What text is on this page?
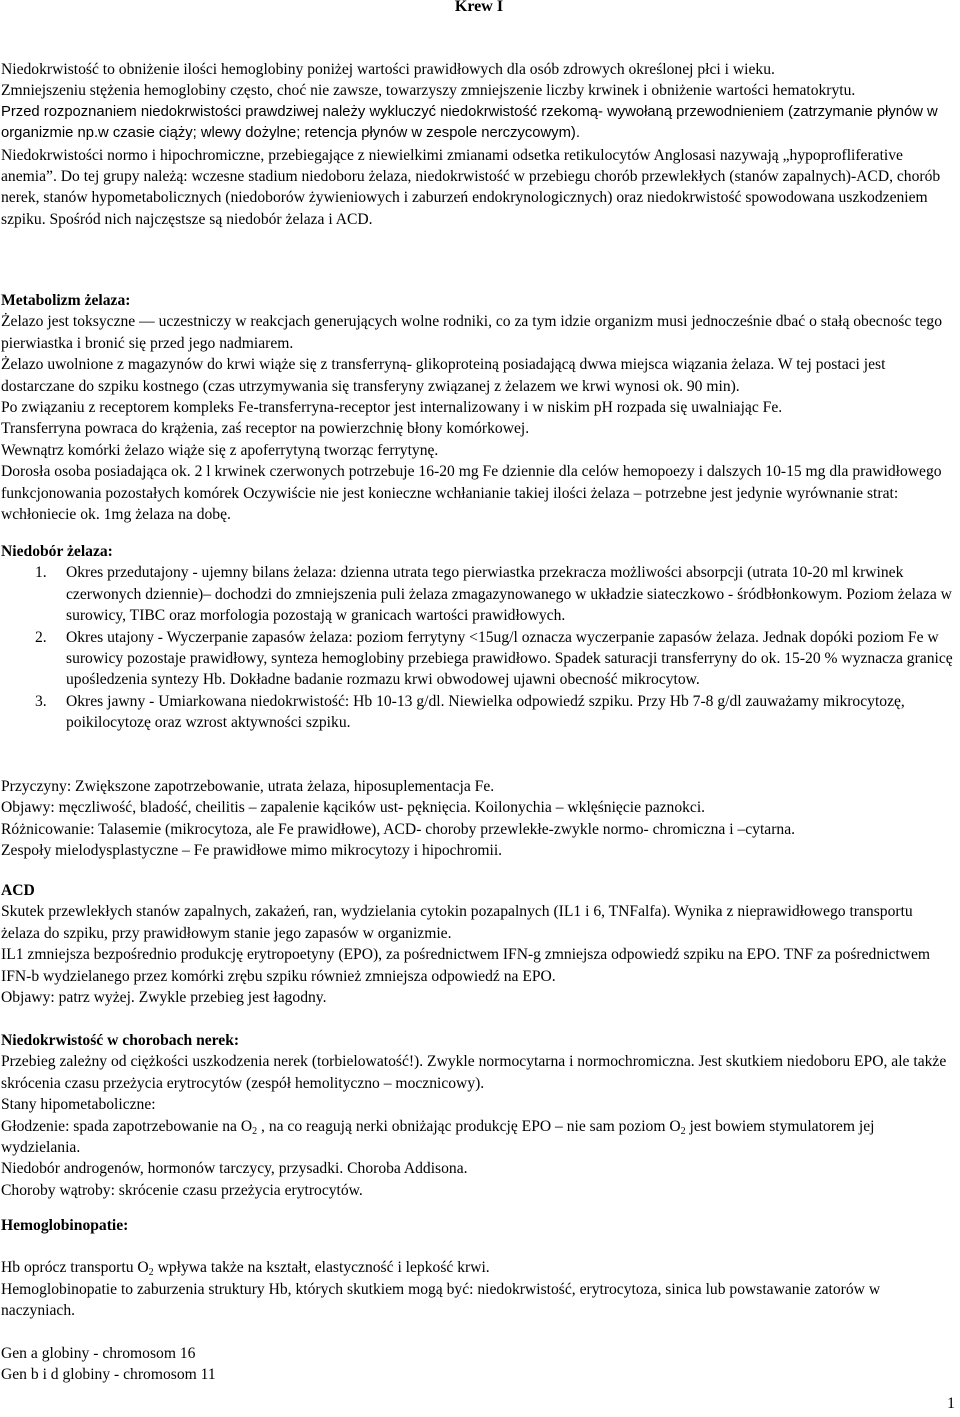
Krew I

Niedokrwistość to obniżenie ilości hemoglobiny poniżej wartości prawidłowych dla osób zdrowych określonej płci i wieku.

Zmniejszeniu stężenia hemoglobiny często, choć nie zawsze, towarzyszy zmniejszenie liczby krwinek i obniżenie wartości hematokrytu.

Przed rozpoznaniem niedokrwistości prawdziwej należy wykluczyć niedokrwistość rzekomą- wywołaną przewodnieniem (zatrzymanie płynów w organizmie np.w czasie ciąży; wlewy dożylne; retencja płynów w zespole nerczycowym).

Niedokrwistości normo i hipochromiczne, przebiegające z niewielkimi zmianami odsetka retikulocytów Anglosasi nazywają „hypoprofliferative anemia”. Do tej grupy należą: wczesne stadium niedoboru żelaza, niedokrwistość w przebiegu chorób przewlekłych (stanów zapalnych)-ACD, chorób nerek, stanów hypometabolicznych (niedoborów żywieniowych i zaburzeń endokrynologicznych) oraz niedokrwistość spowodowana uszkodzeniem szpiku. Spośród nich najczęstsze są niedobór żelaza i ACD.

Metabolizm żelaza:

Żelazo jest toksyczne — uczestniczy w reakcjach generujących wolne rodniki, co za tym idzie organizm musi jednocześnie dbać o stałą obecnośc tego pierwiastka i bronić się przed jego nadmiarem.

Żelazo uwolnione z magazynów do krwi wiąże się z transferryną- glikoproteiną posiadającą dwwa miejsca wiązania żelaza. W tej postaci jest dostarczane do szpiku kostnego (czas utrzymywania się transferyny związanej z żelazem we krwi wynosi ok. 90 min).

Po związaniu z receptorem kompleks Fe-transferryna-receptor jest internalizowany i w niskim pH rozpada się uwalniając Fe.

Transferryna powraca do krążenia, zaś receptor na powierzchnię błony komórkowej.

Wewnątrz komórki żelazo wiąże się z apoferrytyną tworząc ferrytynę.

Dorosła osoba posiadająca ok. 2 l krwinek czerwonych potrzebuje 16-20 mg Fe dziennie dla celów hemopoezy i dalszych 10-15 mg dla prawidłowego funkcjonowania pozostałych komórek Oczywiście nie jest konieczne wchłanianie takiej ilości żelaza – potrzebne jest jedynie wyrównanie strat: wchłoniecie ok. 1mg żelaza na dobę.

Niedobór żelaza:

1. Okres przedutajony - ujemny bilans żelaza: dzienna utrata tego pierwiastka przekracza możliwości absorpcji (utrata 10-20 ml krwinek czerwonych dziennie)– dochodzi do zmniejszenia puli żelaza zmagazynowanego w układzie siateczkowo - śródbłonkowym. Poziom żelaza w surowicy, TIBC oraz morfologia pozostają w granicach wartości prawidłowych.
2. Okres utajony - Wyczerpanie zapasów żelaza: poziom ferrytyny <15ug/l oznacza wyczerpanie zapasów żelaza. Jednak dopóki poziom Fe w surowicy pozostaje prawidłowy, synteza hemoglobiny przebiega prawidłowo. Spadek saturacji transferryny do ok. 15-20 % wyznacza granicę upośledzenia syntezy Hb. Dokładne badanie rozmazu krwi obwodowej ujawni obecność mikrocytow.
3. Okres jawny - Umiarkowana niedokrwistość: Hb 10-13 g/dl. Niewielka odpowiedź szpiku. Przy Hb 7-8 g/dl zauważamy mikrocytozę, poikilocytozę oraz wzrost aktywności szpiku.

Przyczyny: Zwiększone zapotrzebowanie, utrata żelaza, hiposuplementacja Fe.

Objawy: męczliwość, bladość, cheilitis – zapalenie kącików ust- pęknięcia. Koilonychia – wklęśnięcie paznokci.

Różnicowanie: Talasemie (mikrocytoza, ale Fe prawidłowe), ACD- choroby przewlekłe-zwykle normo- chromiczna i –cytarna.

Zespoły mielodysplastyczne – Fe prawidłowe mimo mikrocytozy i hipochromii.

ACD

Skutek przewlekłych stanów zapalnych, zakażeń, ran, wydzielania cytokin pozapalnych (IL1 i 6, TNFalfa). Wynika z nieprawidłowego transportu żelaza do szpiku, przy prawidłowym stanie jego zapasów w organizmie.

IL1 zmniejsza bezpośrednio produkcję erytropoetyny (EPO), za pośrednictwem IFN-g zmniejsza odpowiedź szpiku na EPO. TNF za pośrednictwem IFN-b wydzielanego przez komórki zrębu szpiku również zmniejsza odpowiedź na EPO.

Objawy: patrz wyżej. Zwykle przebieg jest łagodny.

Niedokrwistość w chorobach nerek:

Przebieg zależny od ciężkości uszkodzenia nerek (torbielowatość!). Zwykle normocytarna i normochromiczna. Jest skutkiem niedoboru EPO, ale także skrócenia czasu przeżycia erytrocytów (zespół hemolityczno – mocznicowy).

Stany hipometaboliczne:

Głodzenie: spada zapotrzebowanie na $O_2$ , na co reagują nerki obniżając produkcję EPO – nie sam poziom $O_2$ jest bowiem stymulatorem jej wydzielania.

Niedobór androgenów, hormonów tarczycy, przysadki. Choroba Addisona.

Choroby wątroby: skrócenie czasu przeżycia erytrocytów.

Hemoglobinopatie:

Hb oprócz transportu $O_2$ wpływa także na kształt, elastyczność i lepkość krwi.

Hemoglobinopatie to zaburzenia struktury Hb, których skutkiem mogą być: niedokrwistość, erytrocytoza, sinica lub powstawanie zatorów w naczyniach.

Gen a globiny - chromosom 16

Gen b i d globiny - chromosom 11

1
